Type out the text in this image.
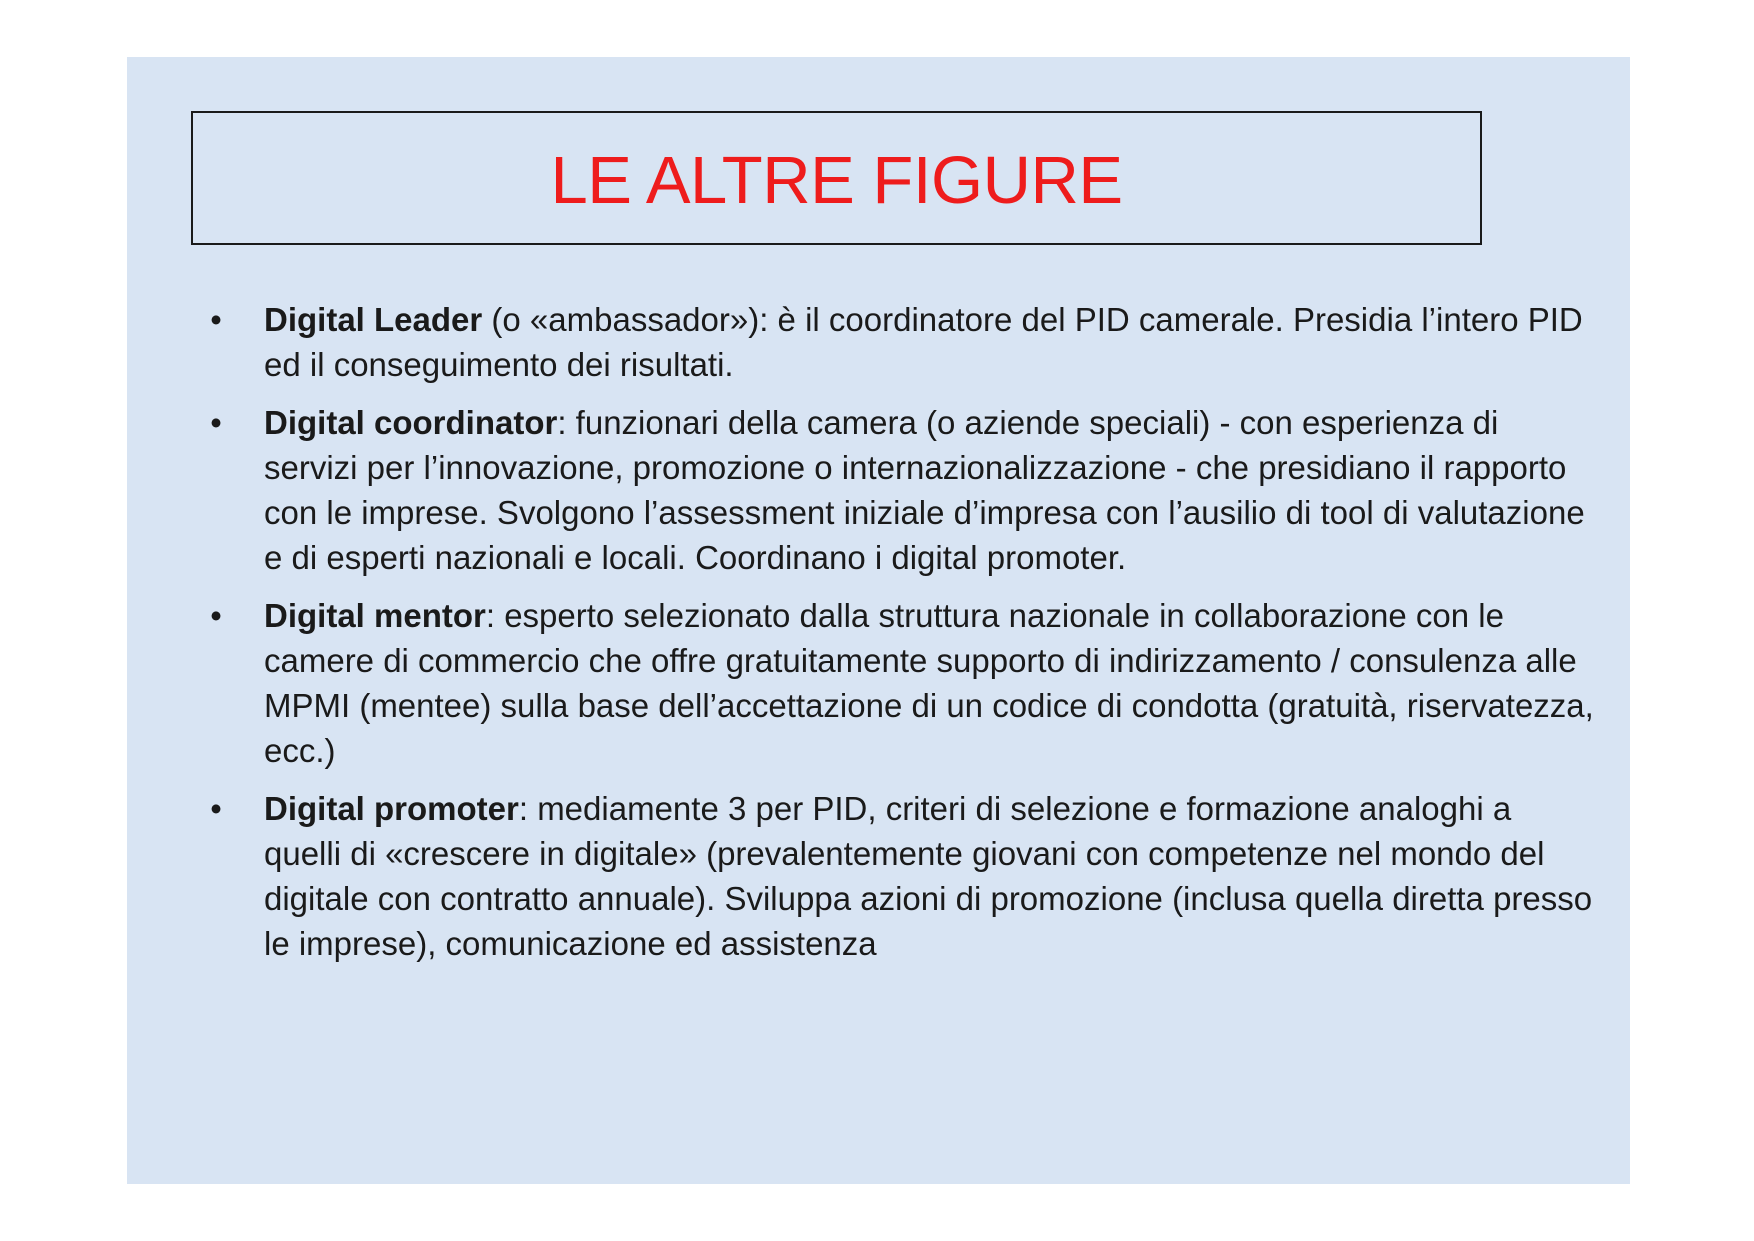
LE ALTRE FIGURE
• Digital Leader (o «ambassador»): è il coordinatore del PID camerale. Presidia l’intero PID ed il conseguimento dei risultati.
• Digital coordinator: funzionari della camera (o aziende speciali) - con esperienza di servizi per l’innovazione, promozione o internazionalizzazione - che presidiano il rapporto con le imprese. Svolgono l’assessment iniziale d’impresa con l’ausilio di tool di valutazione e di esperti nazionali e locali. Coordinano i digital promoter.
• Digital mentor: esperto selezionato dalla struttura nazionale in collaborazione con le camere di commercio che offre gratuitamente supporto di indirizzamento / consulenza alle MPMI (mentee) sulla base dell’accettazione di un codice di condotta (gratuità, riservatezza, ecc.)
• Digital promoter: mediamente 3 per PID, criteri di selezione e formazione analoghi a quelli di «crescere in digitale» (prevalentemente giovani con competenze nel mondo del digitale con contratto annuale). Sviluppa azioni di promozione (inclusa quella diretta presso le imprese), comunicazione ed assistenza
